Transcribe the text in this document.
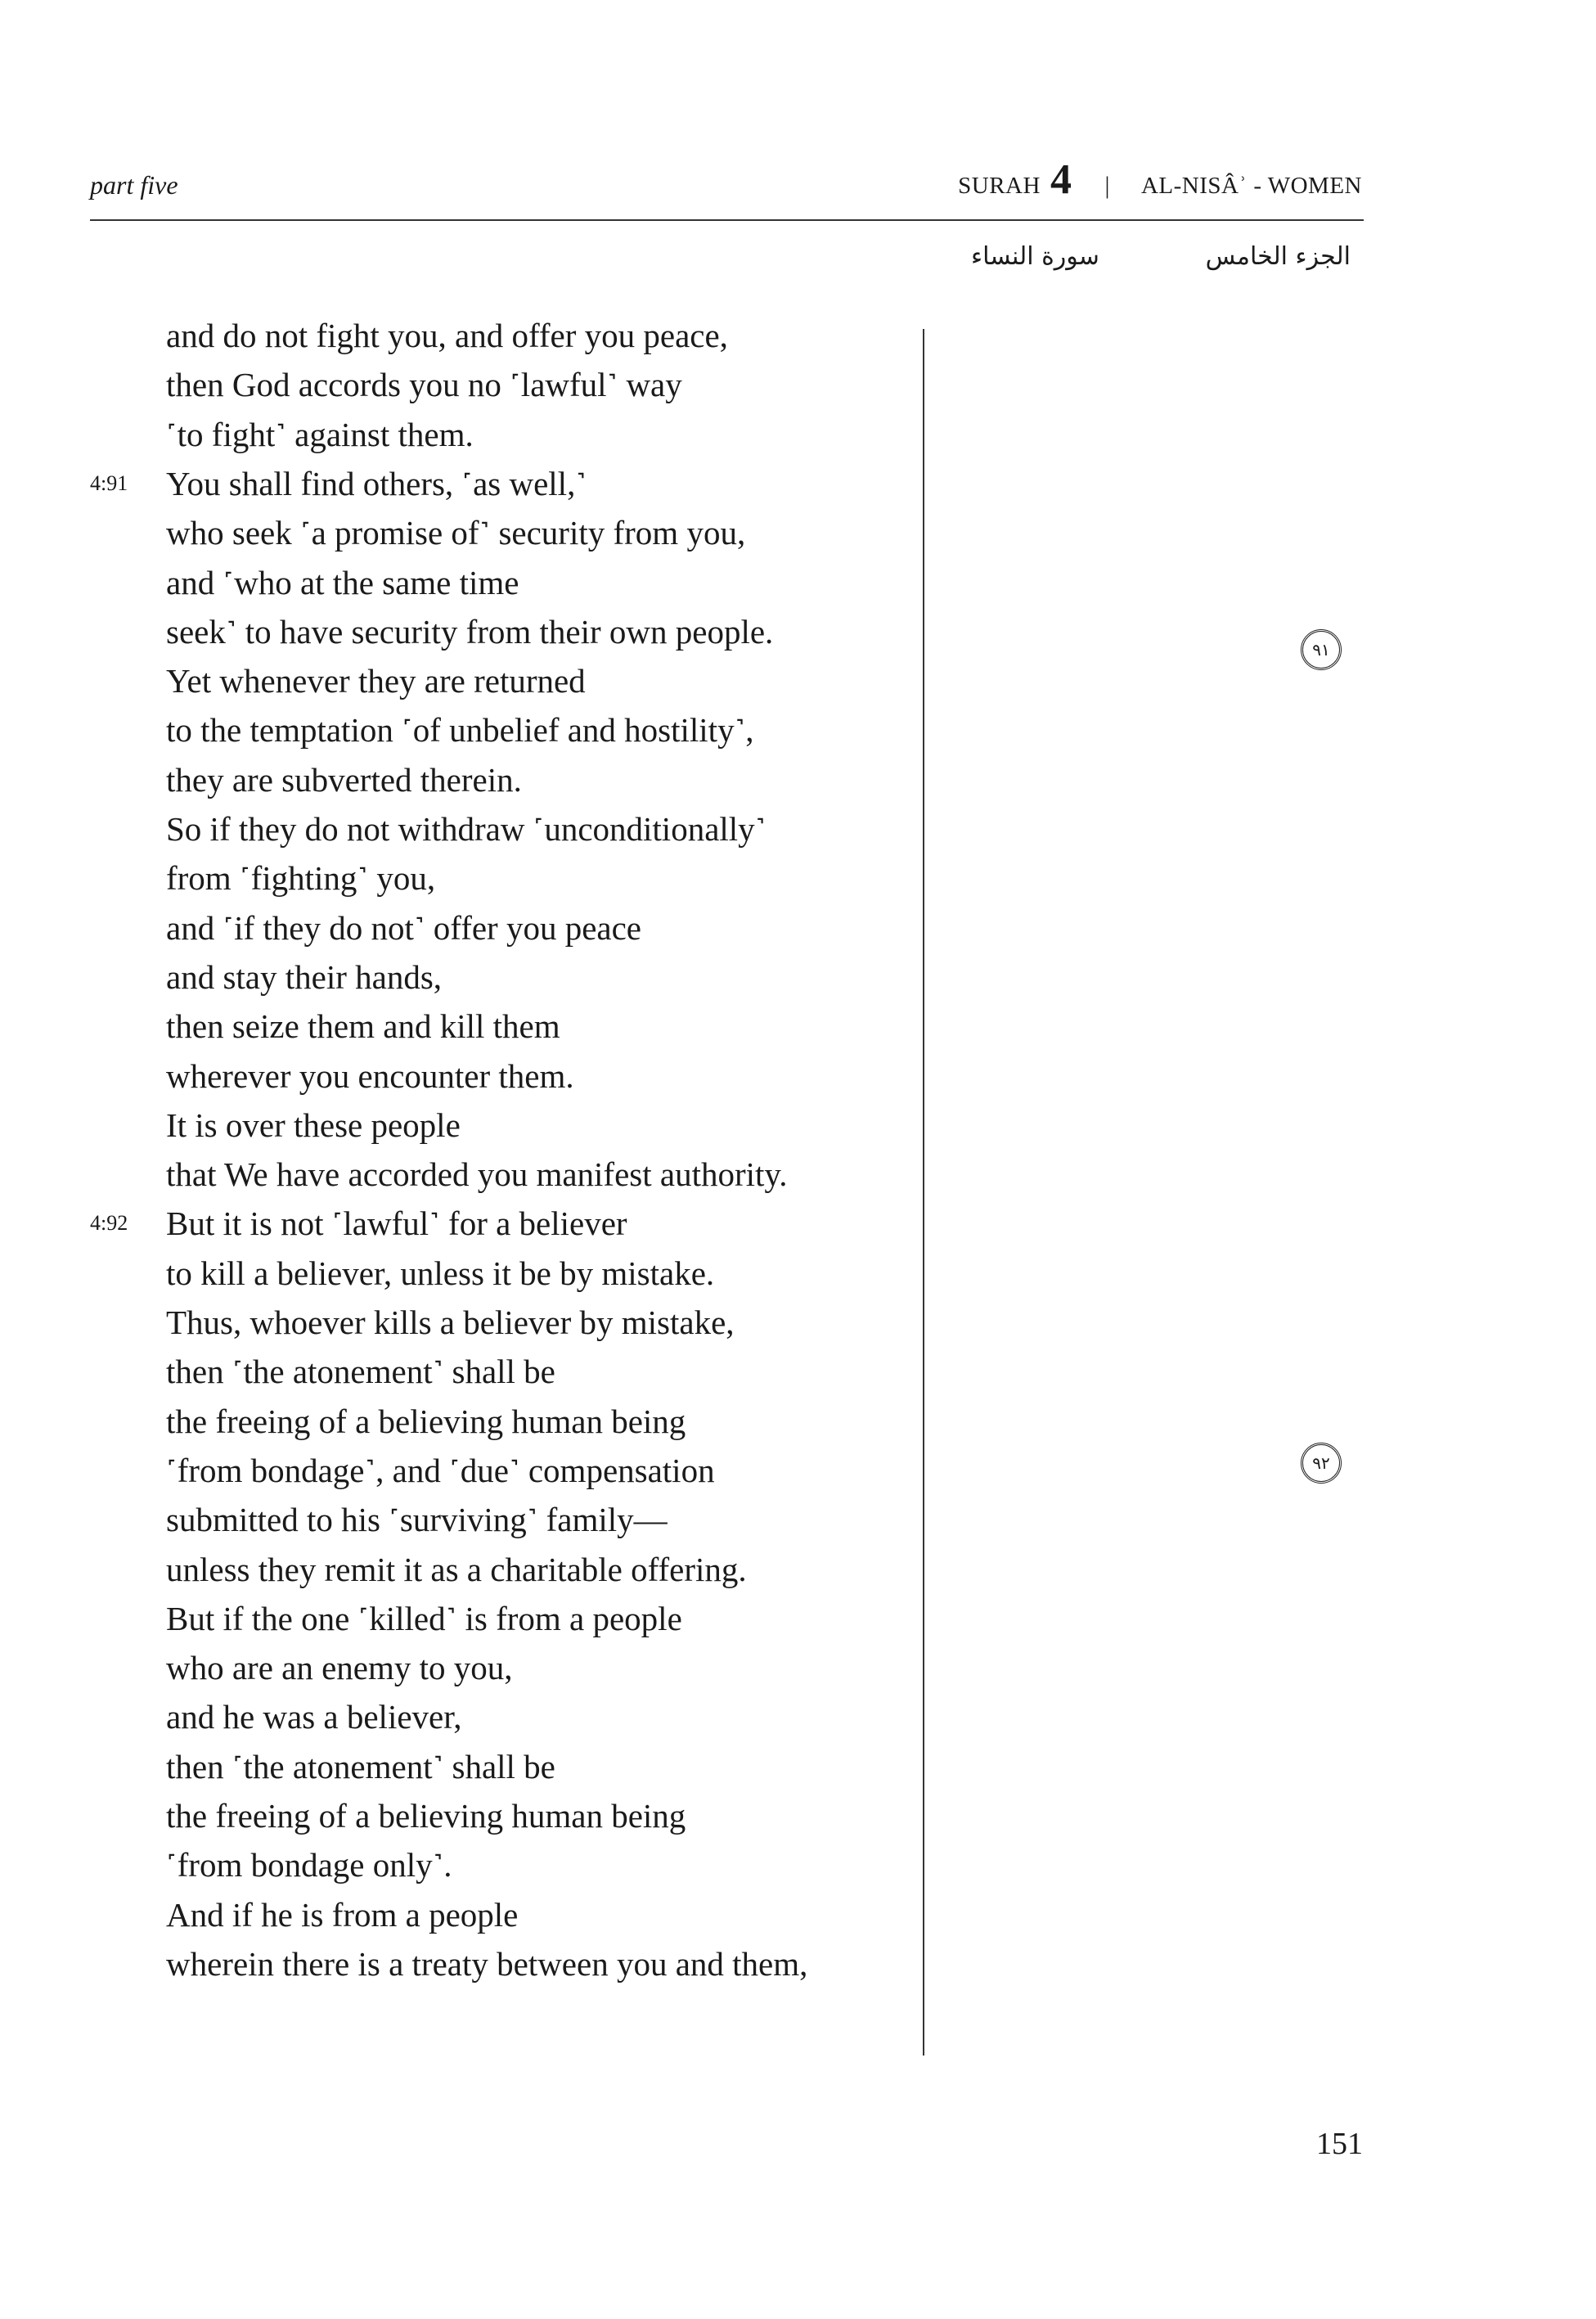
part five	SURAH 4 | AL-NISÂʾ - WOMEN
سورة النساء	الجزء الخامس
and do not fight you, and offer you peace,
then God accords you no ˹lawful˺ way
˹to fight˺ against them.
4:91 You shall find others, ˹as well,˺
who seek ˹a promise of˺ security from you,
and ˹who at the same time
seek˺ to have security from their own people.
Yet whenever they are returned
to the temptation ˹of unbelief and hostility˺,
they are subverted therein.
So if they do not withdraw ˹unconditionally˺
from ˹fighting˺ you,
and ˹if they do not˺ offer you peace
and stay their hands,
then seize them and kill them
wherever you encounter them.
It is over these people
that We have accorded you manifest authority.
4:92 But it is not ˹lawful˺ for a believer
to kill a believer, unless it be by mistake.
Thus, whoever kills a believer by mistake,
then ˹the atonement˺ shall be
the freeing of a believing human being
˹from bondage˺, and ˹due˺ compensation
submitted to his ˹surviving˺ family—
unless they remit it as a charitable offering.
But if the one ˹killed˺ is from a people
who are an enemy to you,
and he was a believer,
then ˹the atonement˺ shall be
the freeing of a believing human being
˹from bondage only˺.
And if he is from a people
wherein there is a treaty between you and them,
٩١
٩٢
151
